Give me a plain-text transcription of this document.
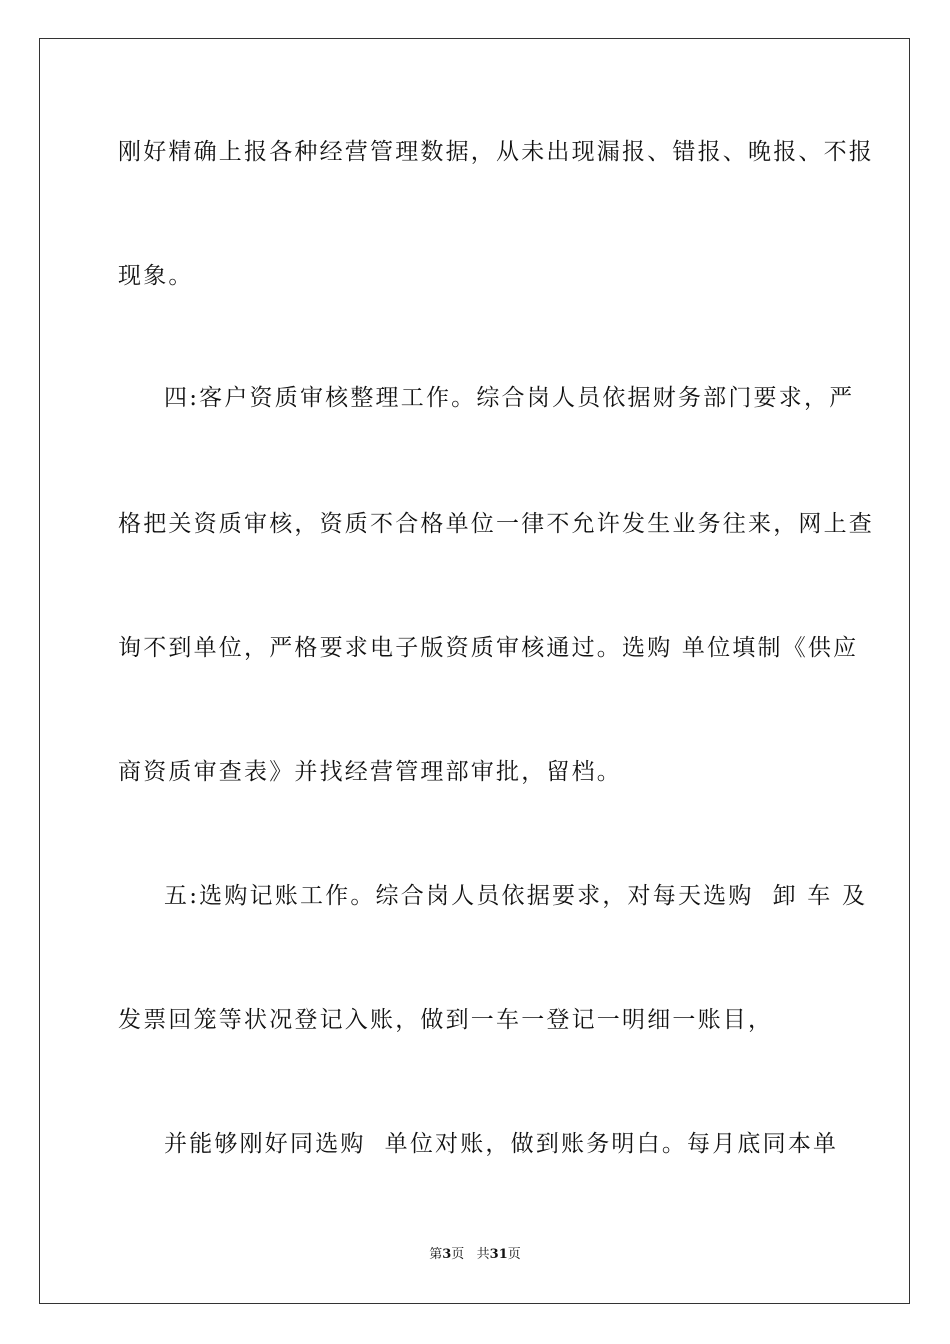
刚好精确上报各种经营管理数据，从未出现漏报、错报、晚报、不报
现象。
四:客户资质审核整理工作。综合岗人员依据财务部门要求，严
格把关资质审核，资质不合格单位一律不允许发生业务往来，网上查
询不到单位，严格要求电子版资质审核通过。选购 单位填制《供应
商资质审查表》并找经营管理部审批，留档。
五:选购记账工作。综合岗人员依据要求，对每天选购  卸 车 及
发票回笼等状况登记入账，做到一车一登记一明细一账目，
并能够刚好同选购  单位对账，做到账务明白。每月底同本单
第3页   共31页
